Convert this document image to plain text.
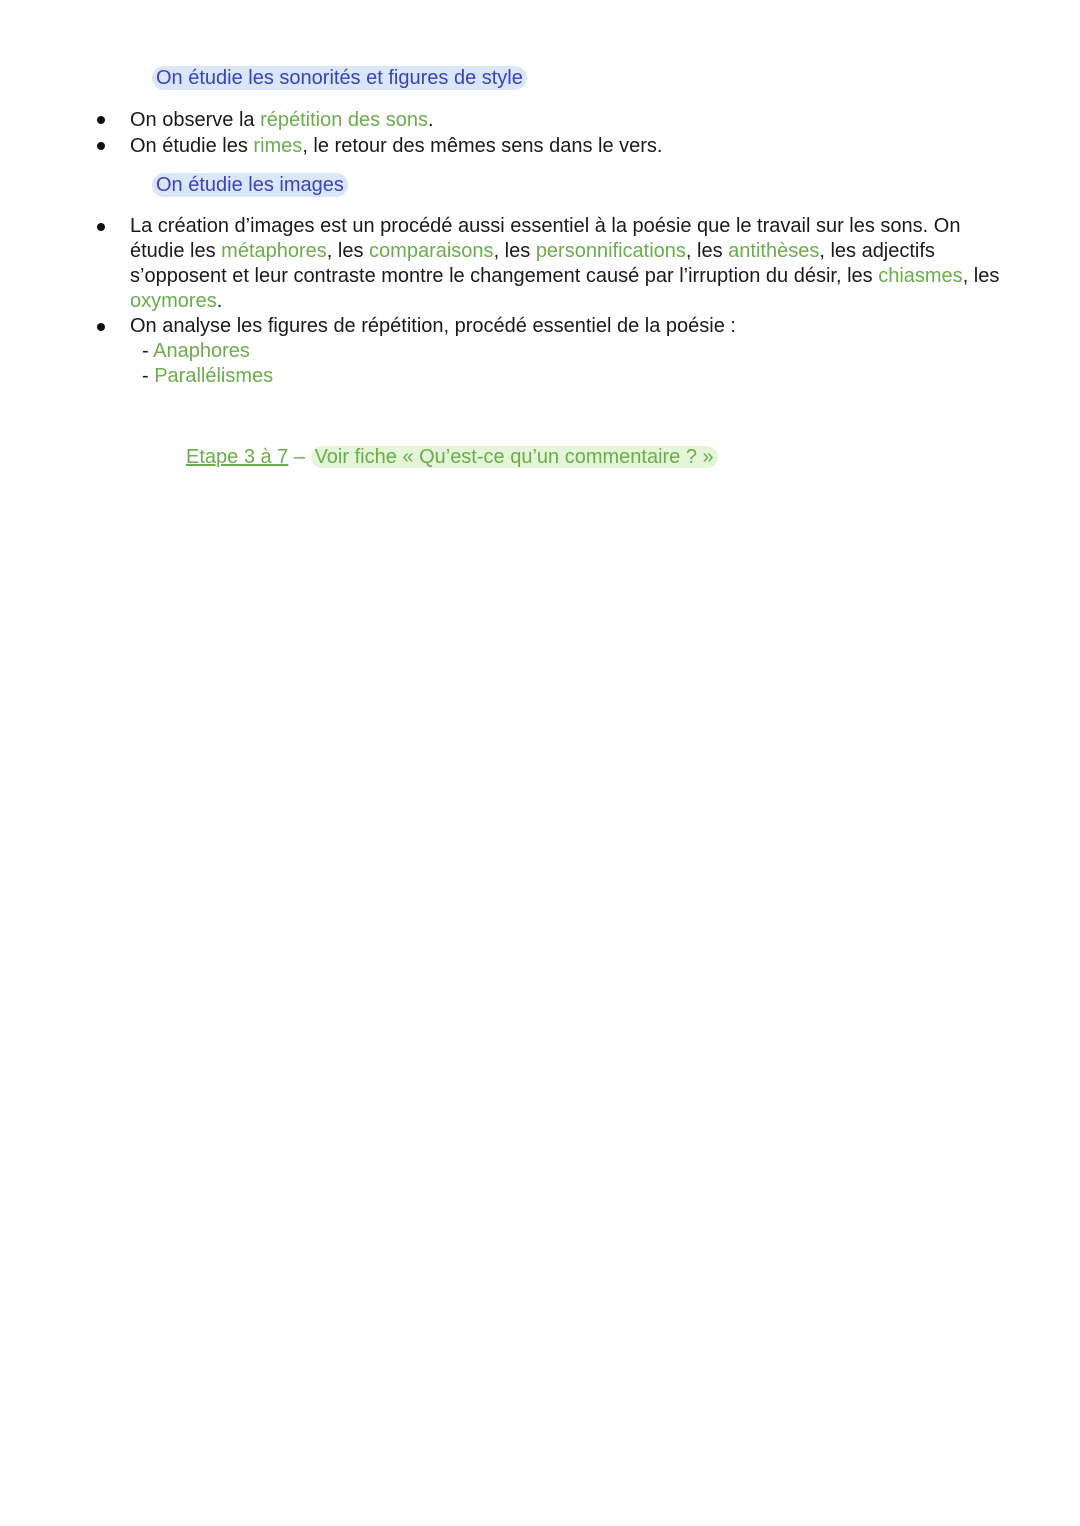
On étudie les sonorités et figures de style
On observe la répétition des sons.
On étudie les rimes, le retour des mêmes sens dans le vers.
On étudie les images
La création d’images est un procédé aussi essentiel à la poésie que le travail sur les sons. On étudie les métaphores, les comparaisons, les personnifications, les antithèses, les adjectifs s’opposent et leur contraste montre le changement causé par l’irruption du désir, les chiasmes, les oxymores.
On analyse les figures de répétition, procédé essentiel de la poésie :
- Anaphores
- Parallélismes
Etape 3 à 7 – Voir fiche « Qu’est-ce qu’un commentaire ? »
